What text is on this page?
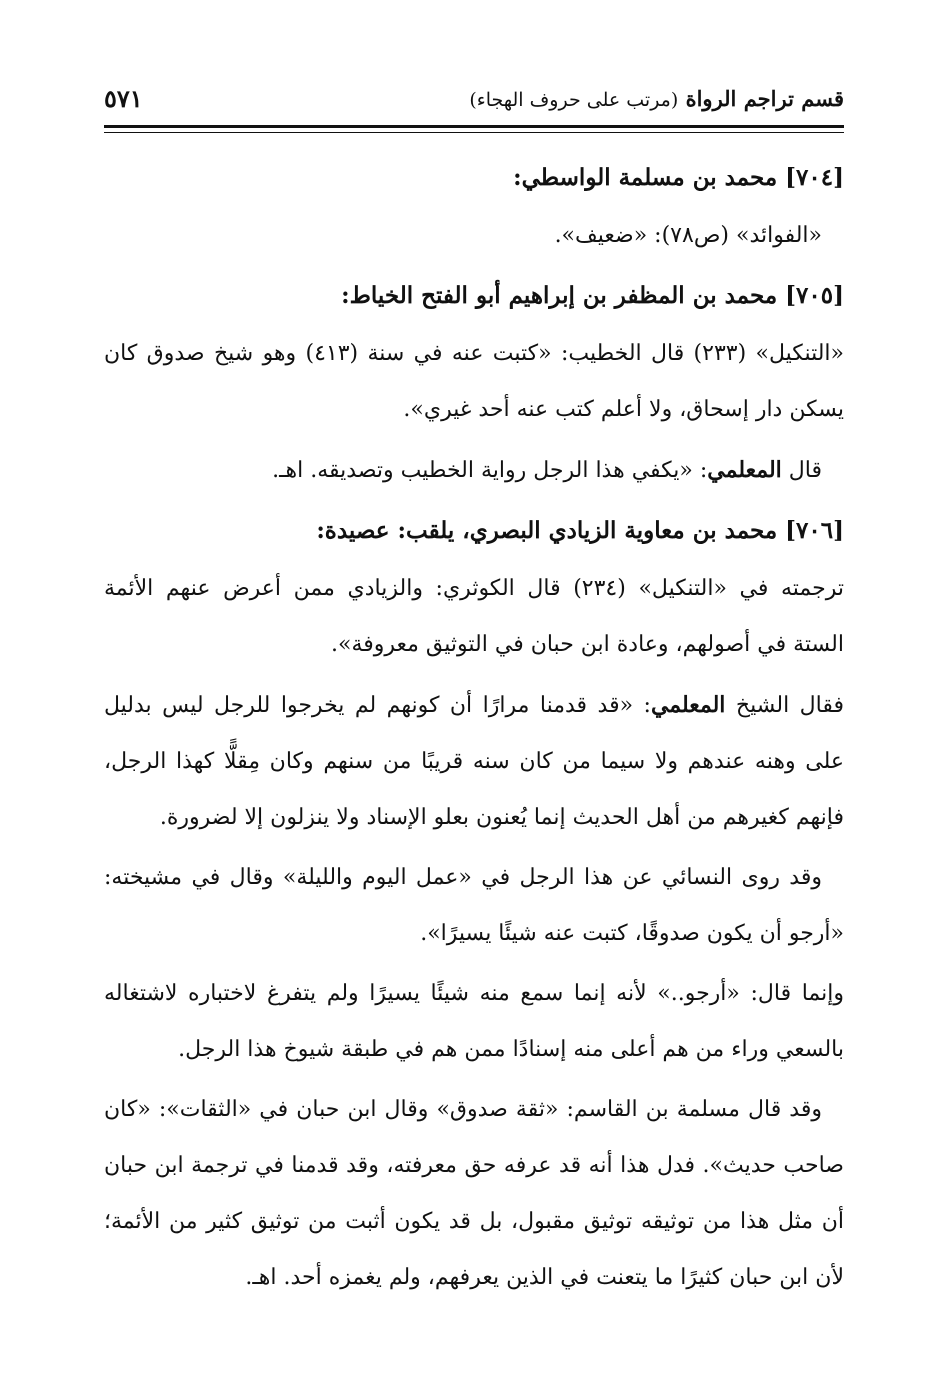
قسم تراجم الرواة (مرتب على حروف الهجاء)
٥٧١
[٧٠٤] محمد بن مسلمة الواسطي:
«الفوائد» (ص٧٨): «ضعيف».
[٧٠٥] محمد بن المظفر بن إبراهيم أبو الفتح الخياط:
«التنكيل» (٢٣٣) قال الخطيب: «كتبت عنه في سنة (٤١٣) وهو شيخ صدوق كان يسكن دار إسحاق، ولا أعلم كتب عنه أحد غيري».
قال المعلمي: «يكفي هذا الرجل رواية الخطيب وتصديقه. اهـ.
[٧٠٦] محمد بن معاوية الزيادي البصري، يلقب: عصيدة:
ترجمته في «التنكيل» (٢٣٤) قال الكوثري: والزيادي ممن أعرض عنهم الأئمة الستة في أصولهم، وعادة ابن حبان في التوثيق معروفة».
فقال الشيخ المعلمي: «قد قدمنا مرارًا أن كونهم لم يخرجوا للرجل ليس بدليل على وهنه عندهم ولا سيما من كان سنه قريبًا من سنهم وكان مِقلًّا كهذا الرجل، فإنهم كغيرهم من أهل الحديث إنما يُعنون بعلو الإسناد ولا ينزلون إلا لضرورة.
وقد روى النسائي عن هذا الرجل في «عمل اليوم والليلة» وقال في مشيخته: «أرجو أن يكون صدوقًا، كتبت عنه شيئًا يسيرًا».
وإنما قال: «أرجو..» لأنه إنما سمع منه شيئًا يسيرًا ولم يتفرغ لاختباره لاشتغاله بالسعي وراء من هم أعلى منه إسنادًا ممن هم في طبقة شيوخ هذا الرجل.
وقد قال مسلمة بن القاسم: «ثقة صدوق» وقال ابن حبان في «الثقات»: «كان صاحب حديث». فدل هذا أنه قد عرفه حق معرفته، وقد قدمنا في ترجمة ابن حبان أن مثل هذا من توثيقه توثيق مقبول، بل قد يكون أثبت من توثيق كثير من الأئمة؛ لأن ابن حبان كثيرًا ما يتعنت في الذين يعرفهم، ولم يغمزه أحد. اهـ.
